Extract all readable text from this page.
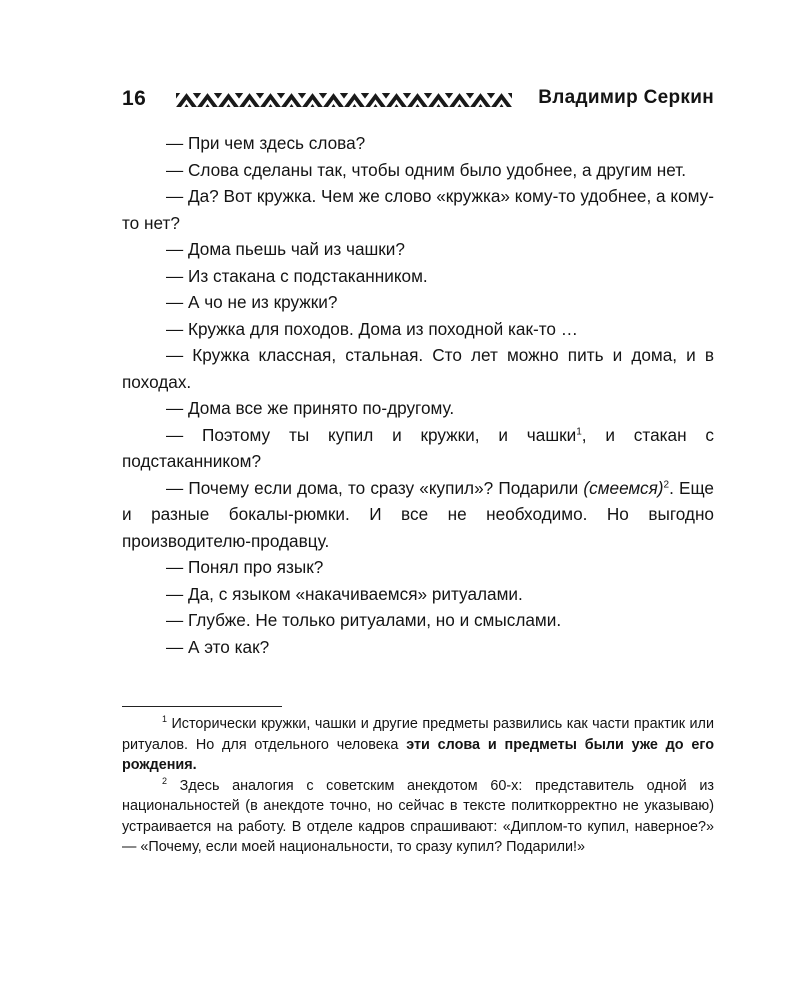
16	Владимир Серкин

— При чем здесь слова?

— Слова сделаны так, чтобы одним было удобнее, а другим нет.

— Да? Вот кружка. Чем же слово «кружка» кому-то удобнее, а кому-то нет?

— Дома пьешь чай из чашки?

— Из стакана с подстаканником.

— А чо не из кружки?

— Кружка для походов. Дома из походной как-то …

— Кружка классная, стальная. Сто лет можно пить и дома, и в походах.

— Дома все же принято по-другому.

— Поэтому ты купил и кружки, и чашки$^1$, и стакан с подстаканником?

— Почему если дома, то сразу «купил»? Подарили (смеемся)$^2$. Еще и разные бокалы-рюмки. И все не необходимо. Но выгодно производителю-продавцу.

— Понял про язык?

— Да, с языком «накачиваемся» ритуалами.

— Глубже. Не только ритуалами, но и смыслами.

— А это как?

$^1$ Исторически кружки, чашки и другие предметы развились как части практик или ритуалов. Но для отдельного человека эти слова и предметы были уже до его рождения.

$^2$ Здесь аналогия с советским анекдотом 60-х: представитель одной из национальностей (в анекдоте точно, но сейчас в тексте политкорректно не указываю) устраивается на работу. В отделе кадров спрашивают: «Диплом-то купил, наверное?» — «Почему, если моей национальности, то сразу купил? Подарили!»
